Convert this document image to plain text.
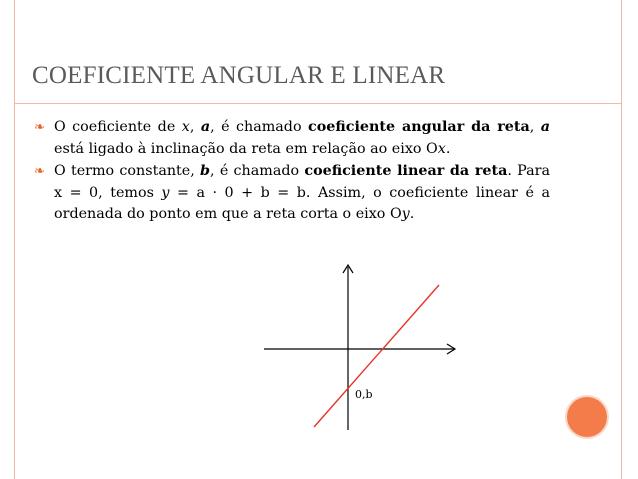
COEFICIENTE ANGULAR E LINEAR
❧ O coeficiente de x, a, é chamado coeficiente angular da reta, a está ligado à inclinação da reta em relação ao eixo Ox.
❧ O termo constante, b, é chamado coeficiente linear da reta. Para x = 0, temos y = a · 0 + b = b. Assim, o coeficiente linear é a ordenada do ponto em que a reta corta o eixo Oy.
0,b
